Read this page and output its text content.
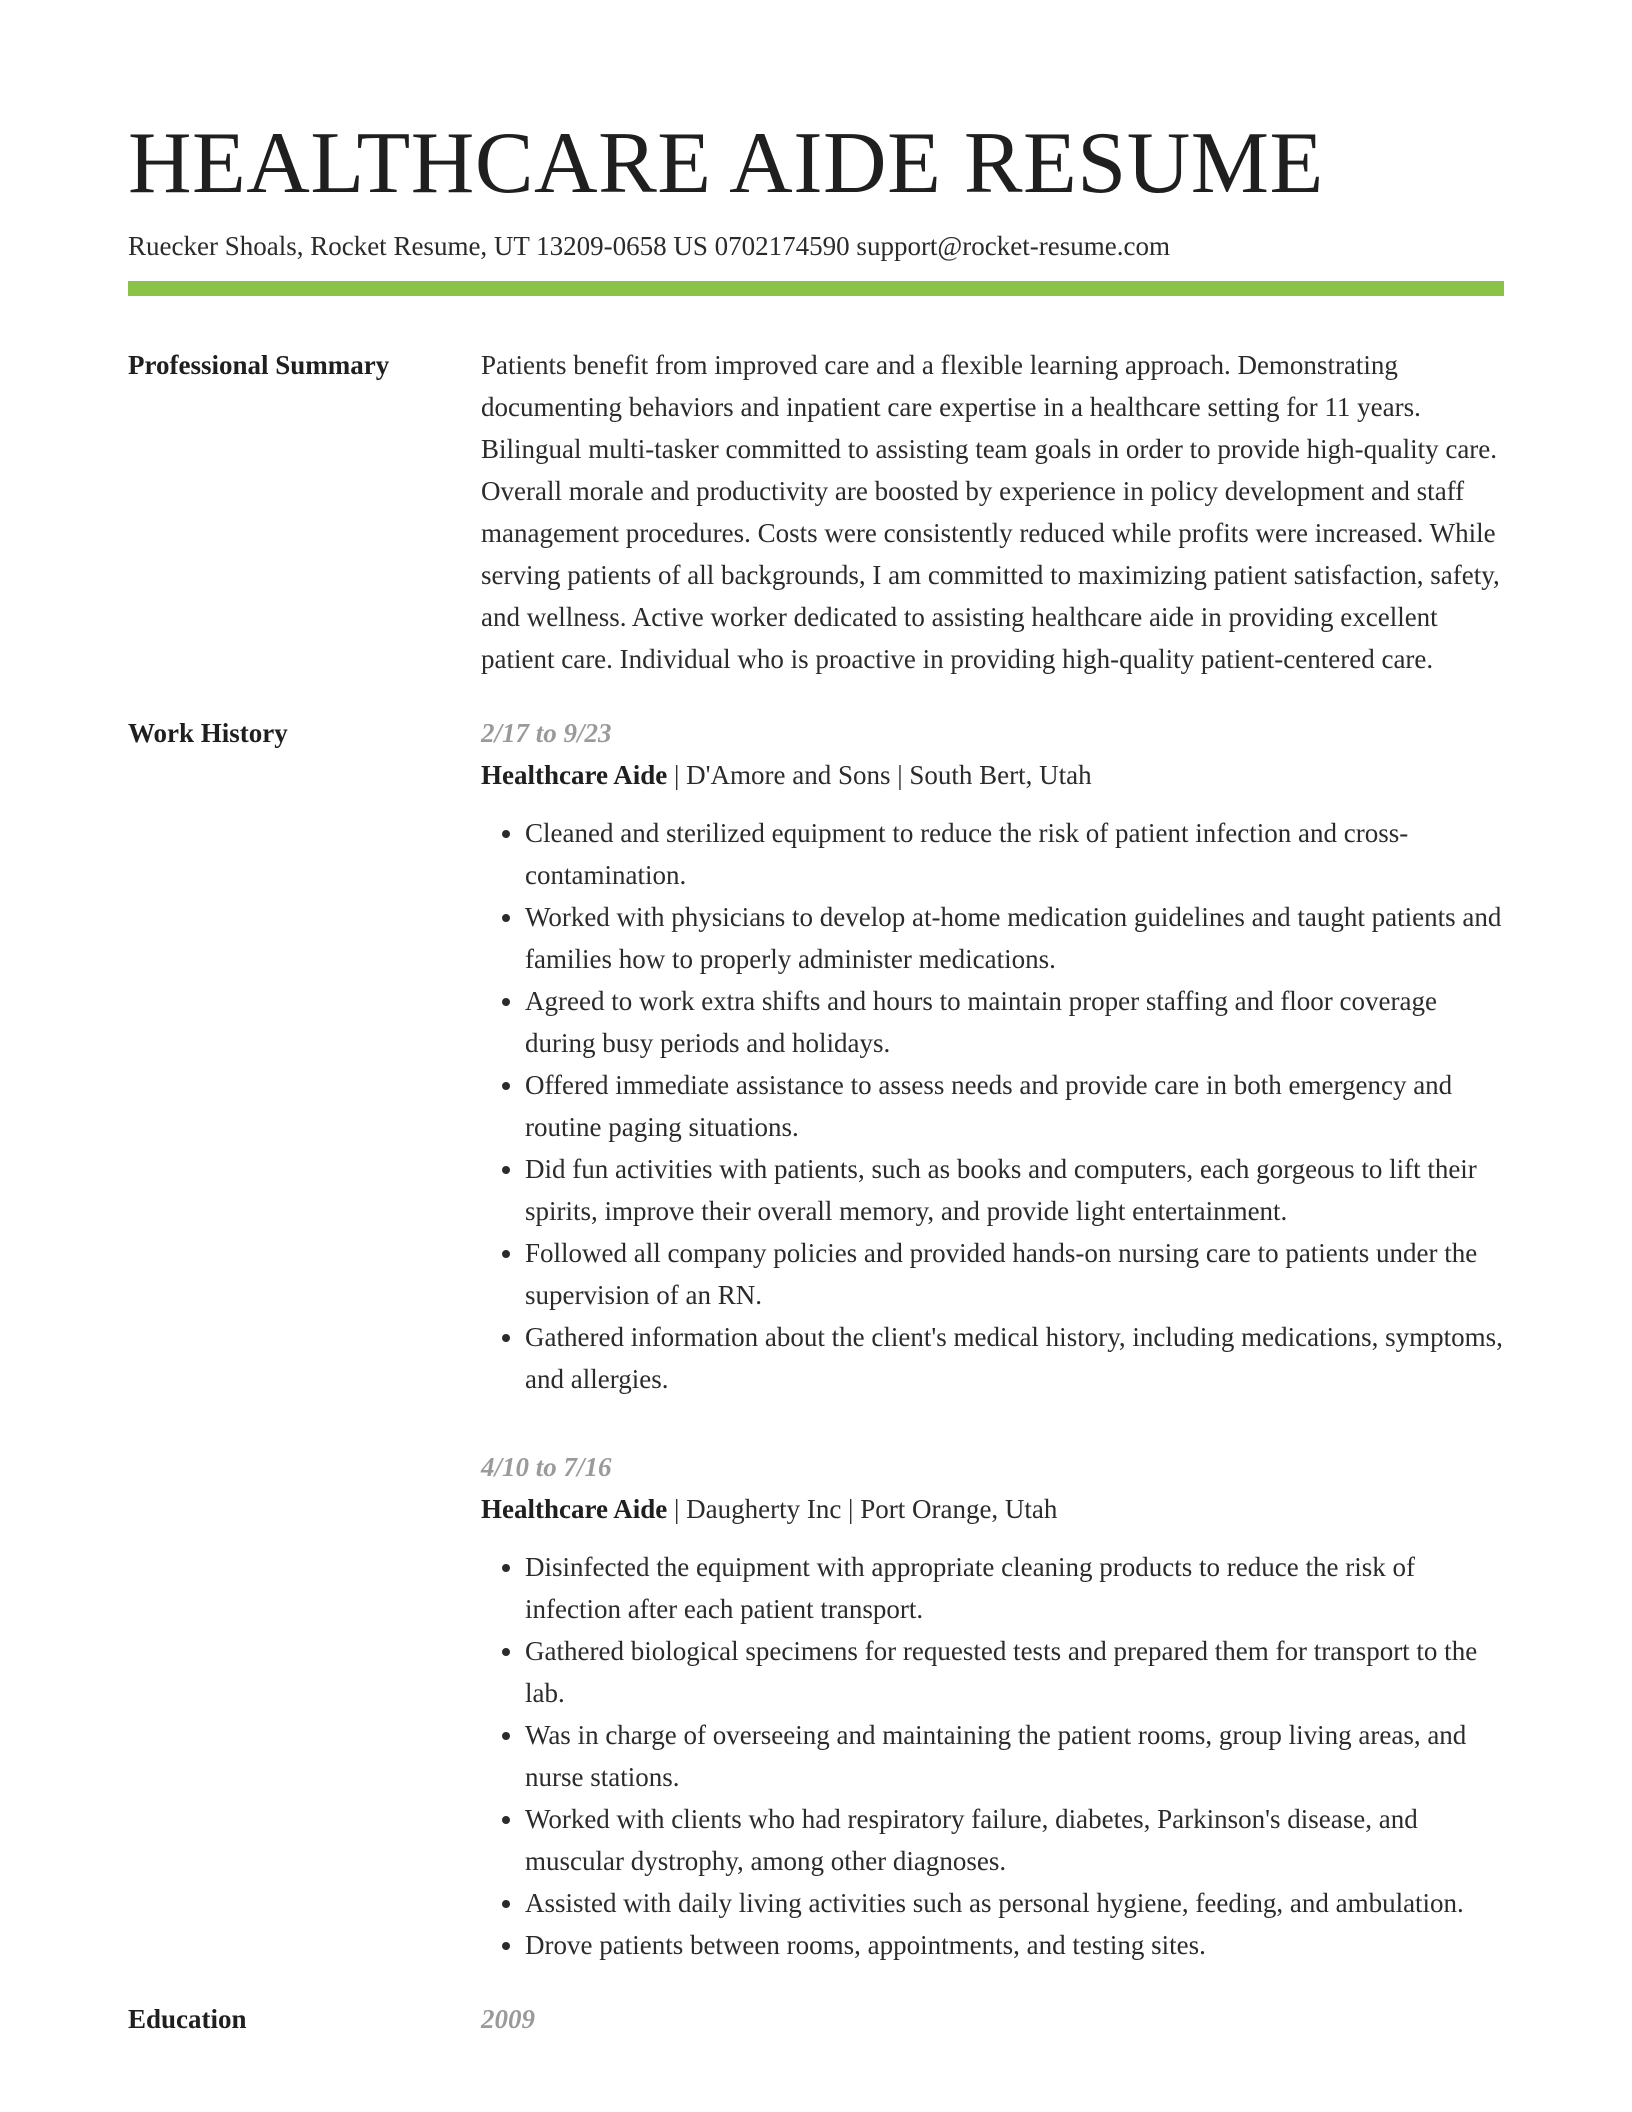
HEALTHCARE AIDE RESUME
Ruecker Shoals, Rocket Resume, UT 13209-0658 US 0702174590 support@rocket-resume.com
Professional Summary	Patients benefit from improved care and a flexible learning approach. Demonstrating documenting behaviors and inpatient care expertise in a healthcare setting for 11 years. Bilingual multi-tasker committed to assisting team goals in order to provide high-quality care. Overall morale and productivity are boosted by experience in policy development and staff management procedures. Costs were consistently reduced while profits were increased. While serving patients of all backgrounds, I am committed to maximizing patient satisfaction, safety, and wellness. Active worker dedicated to assisting healthcare aide in providing excellent patient care. Individual who is proactive in providing high-quality patient-centered care.
Work History	2/17 to 9/23
Healthcare Aide | D'Amore and Sons | South Bert, Utah
• Cleaned and sterilized equipment to reduce the risk of patient infection and cross-contamination.
• Worked with physicians to develop at-home medication guidelines and taught patients and families how to properly administer medications.
• Agreed to work extra shifts and hours to maintain proper staffing and floor coverage during busy periods and holidays.
• Offered immediate assistance to assess needs and provide care in both emergency and routine paging situations.
• Did fun activities with patients, such as books and computers, each gorgeous to lift their spirits, improve their overall memory, and provide light entertainment.
• Followed all company policies and provided hands-on nursing care to patients under the supervision of an RN.
• Gathered information about the client's medical history, including medications, symptoms, and allergies.
4/10 to 7/16
Healthcare Aide | Daugherty Inc | Port Orange, Utah
• Disinfected the equipment with appropriate cleaning products to reduce the risk of infection after each patient transport.
• Gathered biological specimens for requested tests and prepared them for transport to the lab.
• Was in charge of overseeing and maintaining the patient rooms, group living areas, and nurse stations.
• Worked with clients who had respiratory failure, diabetes, Parkinson's disease, and muscular dystrophy, among other diagnoses.
• Assisted with daily living activities such as personal hygiene, feeding, and ambulation.
• Drove patients between rooms, appointments, and testing sites.
Education	2009
